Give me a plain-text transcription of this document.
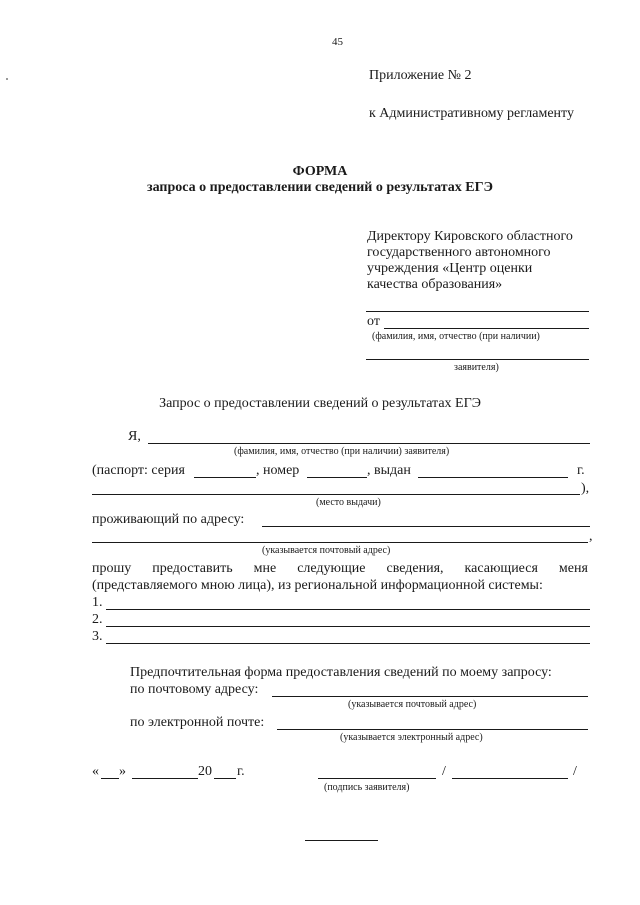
45
Приложение № 2
к Административному регламенту
ФОРМА
запроса о предоставлении сведений о результатах ЕГЭ
Директору Кировского областного
государственного автономного
учреждения «Центр оценки
качества образования»
от
(фамилия, имя, отчество (при наличии)
заявителя)
Запрос о предоставлении сведений о результатах ЕГЭ
Я,
(фамилия, имя, отчество (при наличии) заявителя)
(паспорт: серия	, номер	, выдан	г.
),
(место выдачи)
проживающий по адресу:
,
(указывается почтовый адрес)
прошу предоставить мне следующие сведения, касающиеся меня
(представляемого мною лица), из региональной информационной системы:
1.
2.
3.
Предпочтительная форма предоставления сведений по моему запросу:
по почтовому адресу:
(указывается почтовый адрес)
по электронной почте:
(указывается электронный адрес)
« »	20 г.	/	/
(подпись заявителя)
